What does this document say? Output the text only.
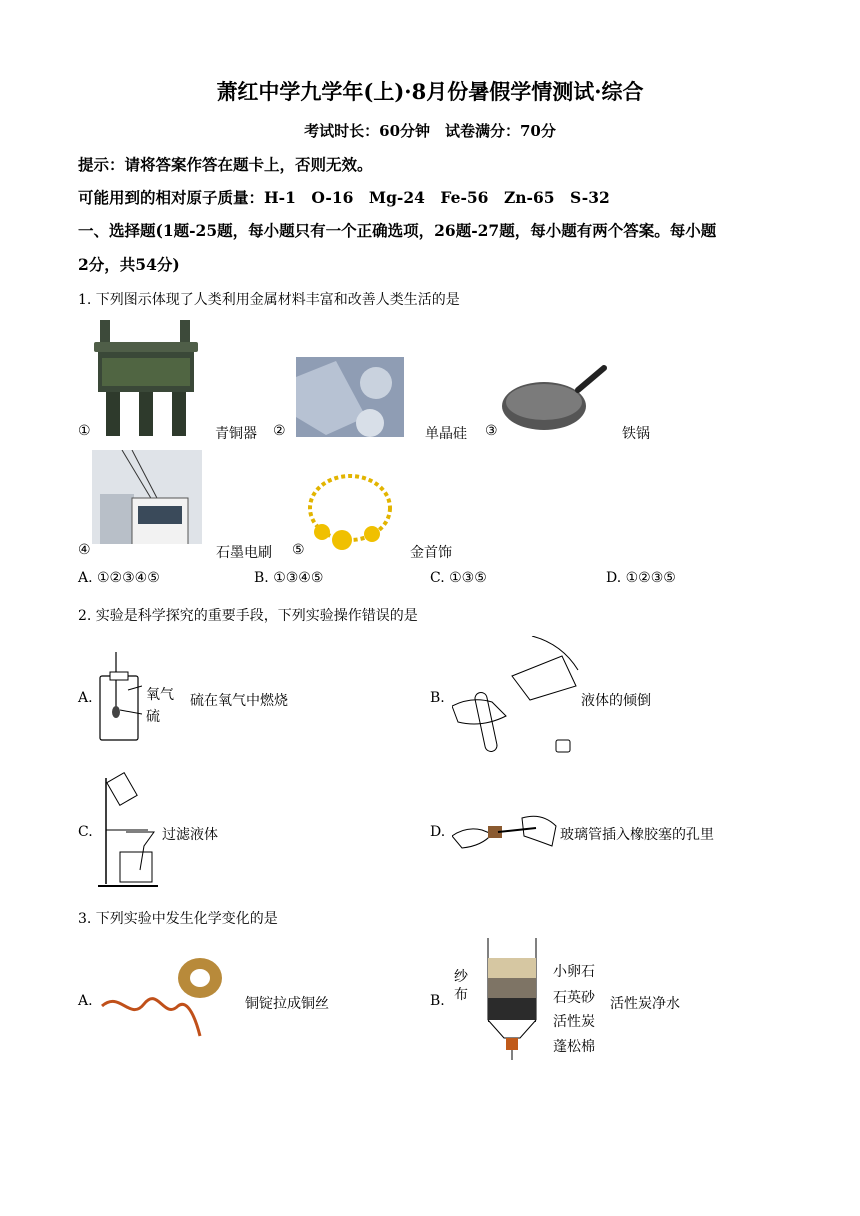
萧红中学九学年(上)·8月份暑假学情测试·综合
考试时长：60分钟　试卷满分：70分
提示：请将答案作答在题卡上，否则无效。
可能用到的相对原子质量：H-1　O-16　Mg-24　Fe-56　Zn-65　S-32
一、选择题(1题-25题，每小题只有一个正确选项，26题-27题，每小题有两个答案。每小题
2分，共54分)
1. 下列图示体现了人类利用金属材料丰富和改善人类生活的是
①	青铜器 ②	单晶硅 ③	铁锅
④	石墨电刷 ⑤	金首饰
A. ①②③④⑤	B. ①③④⑤	C. ①③⑤	D. ①②③⑤
2. 实验是科学探究的重要手段，下列实验操作错误的是
A.	氧气
硫
硫在氧气中燃烧	B.	液体的倾倒
C.	过滤液体	D.	玻璃管插入橡胶塞的孔里
3. 下列实验中发生化学变化的是
A.	铜锭拉成铜丝	B.
纱
布
小卵石
石英砂
活性炭
蓬松棉
活性炭净水
